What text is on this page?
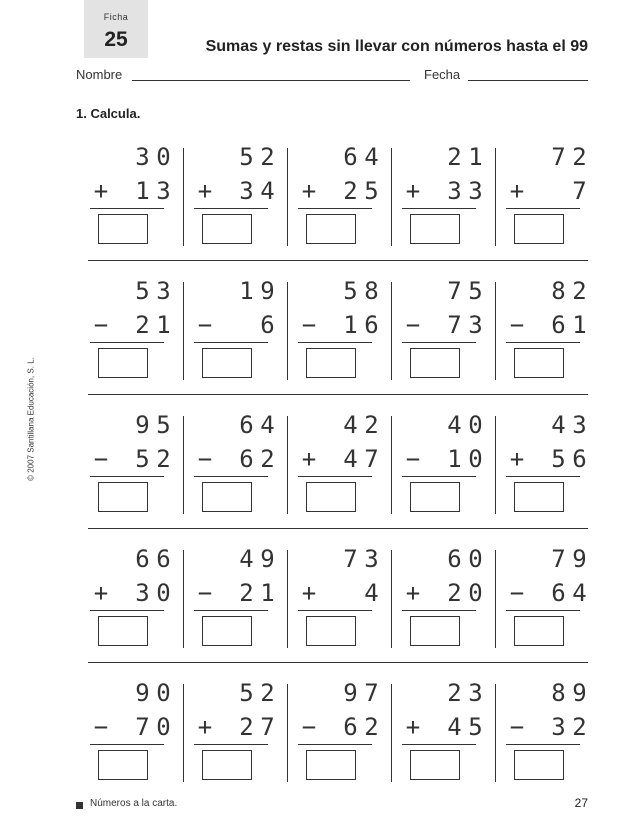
Ficha
25	Sumas y restas sin llevar con números hasta el 99
Nombre	Fecha
1. Calcula.
© 2007 Santillana Educación, S. L.
3 0
+ 1 3
5 2
+ 3 4
6 4
+ 2 5
2 1
+ 3 3
7 2
+ 7
5 3
− 2 1
1 9
− 6
5 8
− 1 6
7 5
− 7 3
8 2
− 6 1
9 5
− 5 2
6 4
− 6 2
4 2
+ 4 7
4 0
− 1 0
4 3
+ 5 6
6 6
+ 3 0
4 9
− 2 1
7 3
+ 4
6 0
+ 2 0
7 9
− 6 4
9 0
− 7 0
5 2
+ 2 7
9 7
− 6 2
2 3
+ 4 5
8 9
− 3 2
Números a la carta.	27
